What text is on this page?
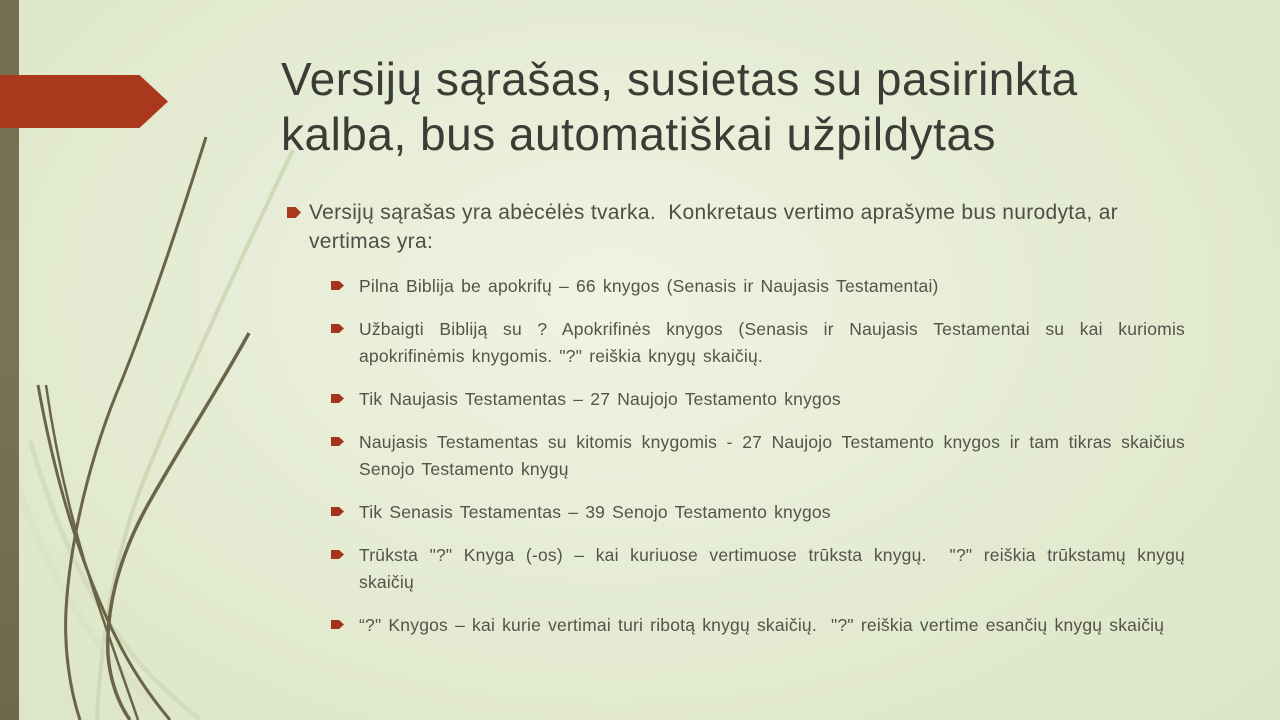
Versijų sąrašas, susietas su pasirinkta
kalba, bus automatiškai užpildytas
Versijų sąrašas yra abėcėlės tvarka.  Konkretaus vertimo aprašyme bus nurodyta, ar vertimas yra:
Pilna Biblija be apokrifų – 66 knygos (Senasis ir Naujasis Testamentai)
Užbaigti Bibliją su ? Apokrifinės knygos (Senasis ir Naujasis Testamentai su kai kuriomis apokrifinėmis knygomis. "?" reiškia knygų skaičių.
Tik Naujasis Testamentas – 27 Naujojo Testamento knygos
Naujasis Testamentas su kitomis knygomis - 27 Naujojo Testamento knygos ir tam tikras skaičius Senojo Testamento knygų
Tik Senasis Testamentas – 39 Senojo Testamento knygos
Trūksta "?" Knyga (-os) – kai kuriuose vertimuose trūksta knygų.  "?" reiškia trūkstamų knygų skaičių
“?" Knygos – kai kurie vertimai turi ribotą knygų skaičių.  "?" reiškia vertime esančių knygų skaičių
